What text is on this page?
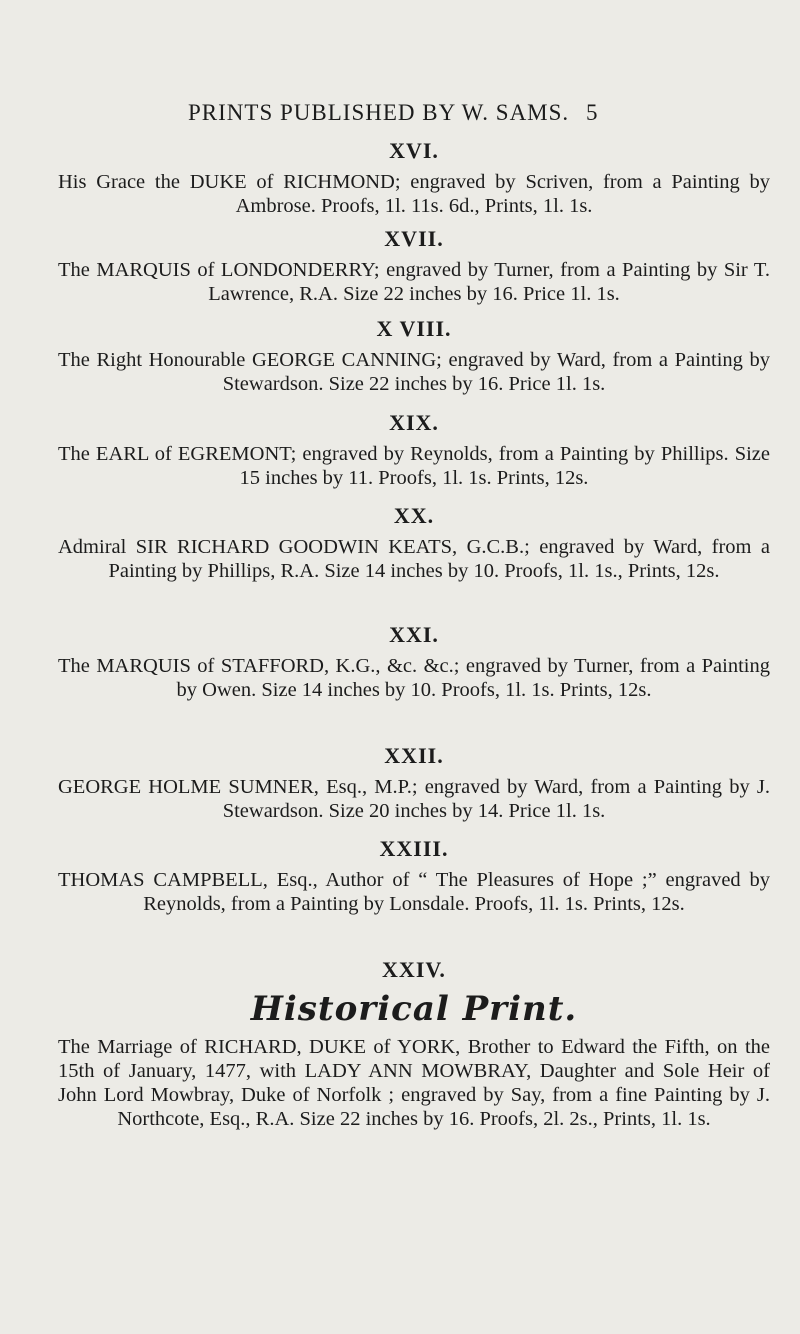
PRINTS PUBLISHED BY W. SAMS. 5
XVI.
His Grace the DUKE of RICHMOND; engraved by Scriven, from a Painting by Ambrose. Proofs, 1l. 11s. 6d., Prints, 1l. 1s.
XVII.
The MARQUIS of LONDONDERRY; engraved by Turner, from a Painting by Sir T. Lawrence, R.A. Size 22 inches by 16. Price 1l. 1s.
X VIII.
The Right Honourable GEORGE CANNING; engraved by Ward, from a Painting by Stewardson. Size 22 inches by 16. Price 1l. 1s.
XIX.
The EARL of EGREMONT; engraved by Reynolds, from a Painting by Phillips. Size 15 inches by 11. Proofs, 1l. 1s. Prints, 12s.
XX.
Admiral SIR RICHARD GOODWIN KEATS, G.C.B.; engraved by Ward, from a Painting by Phillips, R.A. Size 14 inches by 10. Proofs, 1l. 1s., Prints, 12s.
XXI.
The MARQUIS of STAFFORD, K.G., &c. &c.; engraved by Turner, from a Painting by Owen. Size 14 inches by 10. Proofs, 1l. 1s. Prints, 12s.
XXII.
GEORGE HOLME SUMNER, Esq., M.P.; engraved by Ward, from a Painting by J. Stewardson. Size 20 inches by 14. Price 1l. 1s.
XXIII.
THOMAS CAMPBELL, Esq., Author of “ The Pleasures of Hope ;” engraved by Reynolds, from a Painting by Lonsdale. Proofs, 1l. 1s. Prints, 12s.
XXIV.
Historical Print.
The Marriage of RICHARD, DUKE of YORK, Brother to Edward the Fifth, on the 15th of January, 1477, with LADY ANN MOWBRAY, Daughter and Sole Heir of John Lord Mowbray, Duke of Norfolk ; engraved by Say, from a fine Painting by J. Northcote, Esq., R.A. Size 22 inches by 16. Proofs, 2l. 2s., Prints, 1l. 1s.
